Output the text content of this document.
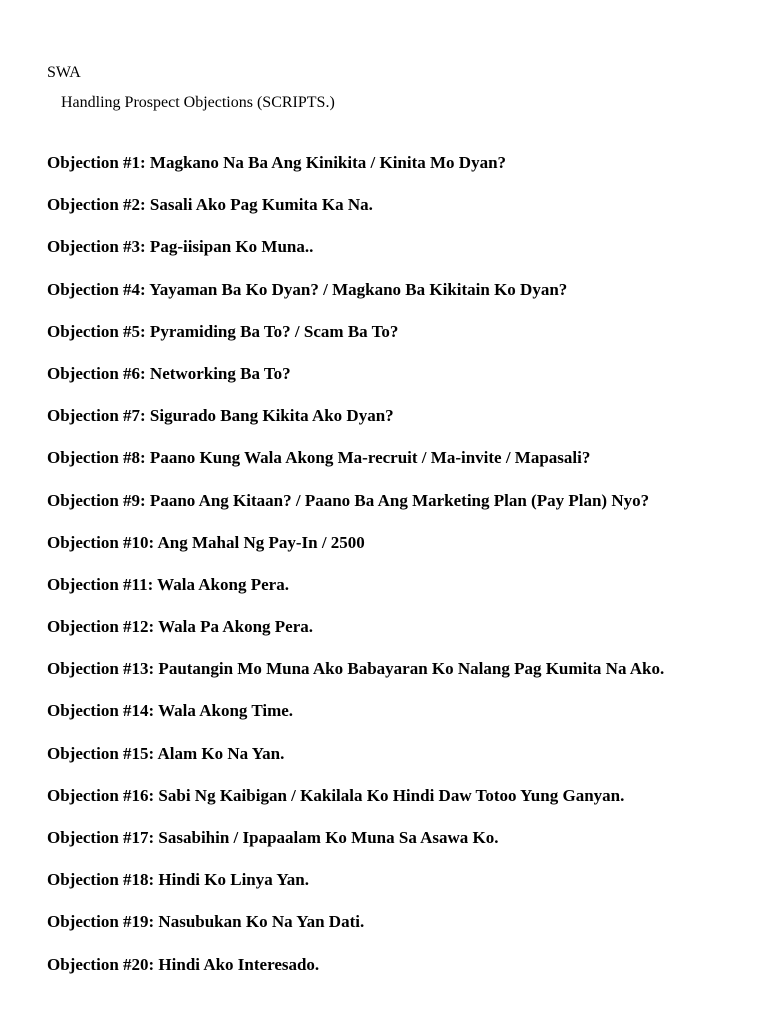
SWA
Handling Prospect Objections (SCRIPTS.)
Objection #1: Magkano Na Ba Ang Kinikita / Kinita Mo Dyan?
Objection #2: Sasali Ako Pag Kumita Ka Na.
Objection #3: Pag-iisipan Ko Muna..
Objection #4: Yayaman Ba Ko Dyan? / Magkano Ba Kikitain Ko Dyan?
Objection #5: Pyramiding Ba To? / Scam Ba To?
Objection #6: Networking Ba To?
Objection #7: Sigurado Bang Kikita Ako Dyan?
Objection #8: Paano Kung Wala Akong Ma-recruit / Ma-invite / Mapasali?
Objection #9: Paano Ang Kitaan? / Paano Ba Ang Marketing Plan (Pay Plan) Nyo?
Objection #10: Ang Mahal Ng Pay-In / 2500
Objection #11: Wala Akong Pera.
Objection #12: Wala Pa Akong Pera.
Objection #13: Pautangin Mo Muna Ako Babayaran Ko Nalang Pag Kumita Na Ako.
Objection #14: Wala Akong Time.
Objection #15: Alam Ko Na Yan.
Objection #16: Sabi Ng Kaibigan / Kakilala Ko Hindi Daw Totoo Yung Ganyan.
Objection #17: Sasabihin / Ipapaalam Ko Muna Sa Asawa Ko.
Objection #18: Hindi Ko Linya Yan.
Objection #19: Nasubukan Ko Na Yan Dati.
Objection #20: Hindi Ako Interesado.
